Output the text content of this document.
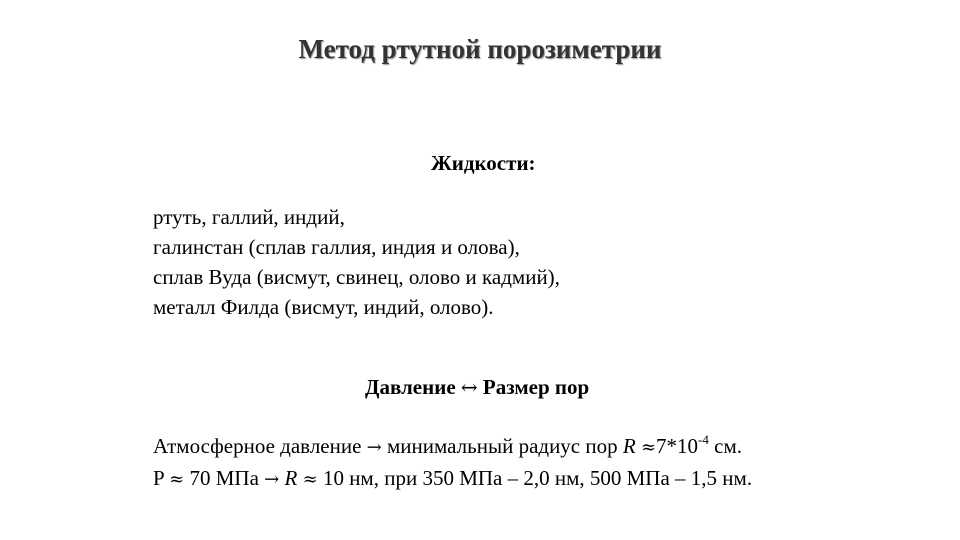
Метод ртутной порозиметрии
Жидкости:
ртуть, галлий, индий,
галинстан (сплав галлия, индия и олова),
сплав Вуда (висмут, свинец, олово и кадмий),
металл Филда (висмут, индий, олово).
Давление ↔ Размер пор
Атмосферное давление → минимальный радиус пор $R \approx 7*10^{-4}$ см.
P ≈ 70 МПа → R ≈ 10 нм, при 350 МПа – 2,0 нм, 500 МПа – 1,5 нм.
